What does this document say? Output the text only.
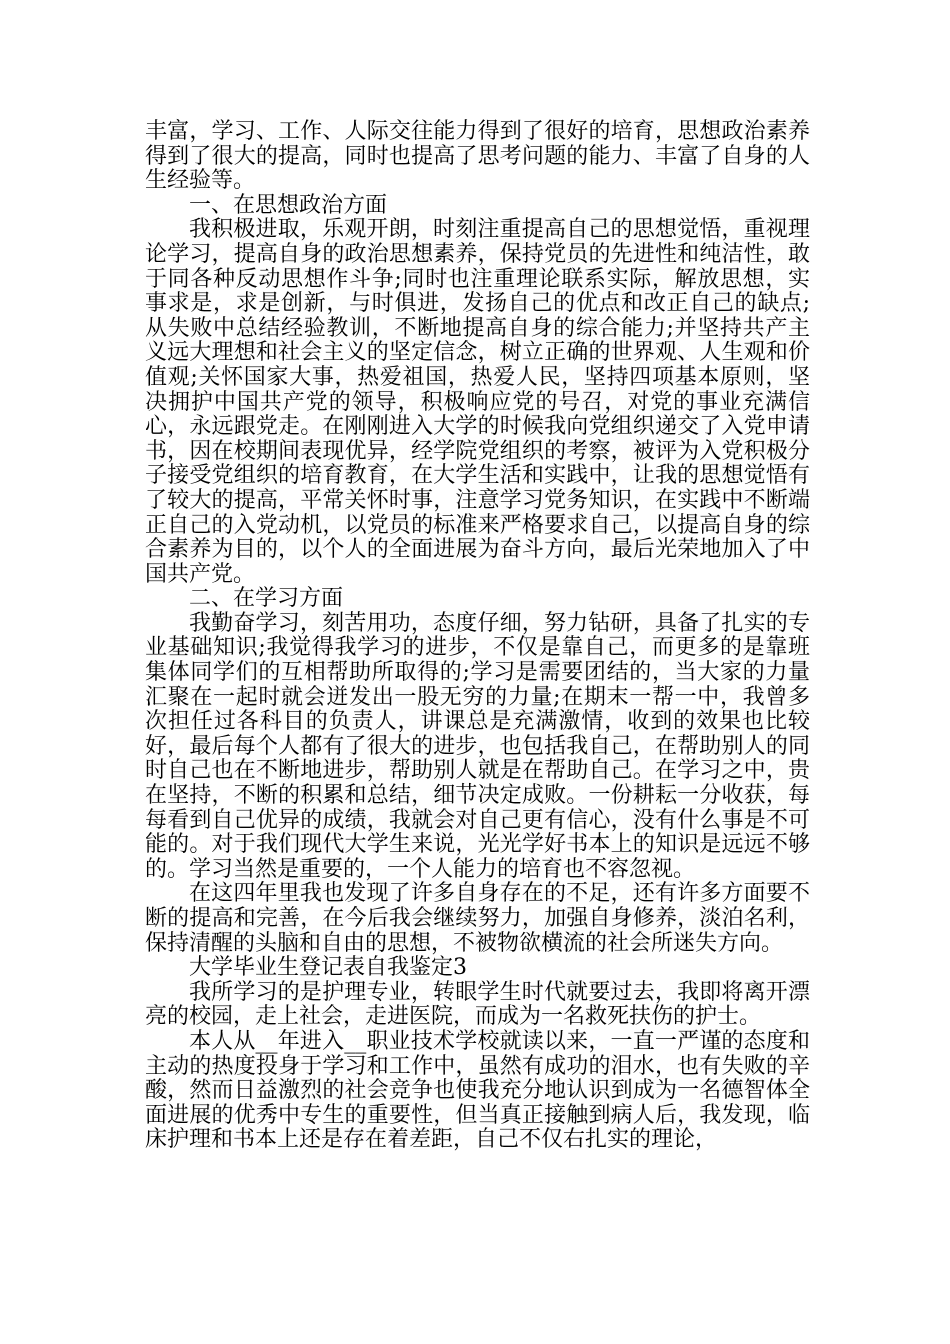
丰富，学习、工作、人际交往能力得到了很好的培育，思想政治素养得到了很大的提高，同时也提高了思考问题的能力、丰富了自身的人生经验等。

一、在思想政治方面

我积极进取，乐观开朗，时刻注重提高自己的思想觉悟，重视理论学习，提高自身的政治思想素养，保持党员的先进性和纯洁性，敢于同各种反动思想作斗争;同时也注重理论联系实际，解放思想，实事求是，求是创新，与时俱进，发扬自己的优点和改正自己的缺点;从失败中总结经验教训，不断地提高自身的综合能力;并坚持共产主义远大理想和社会主义的坚定信念，树立正确的世界观、人生观和价值观;关怀国家大事，热爱祖国，热爱人民，坚持四项基本原则，坚决拥护中国共产党的领导，积极响应党的号召，对党的事业充满信心，永远跟党走。在刚刚进入大学的时候我向党组织递交了入党申请书，因在校期间表现优异，经学院党组织的考察，被评为入党积极分子接受党组织的培育教育，在大学生活和实践中，让我的思想觉悟有了较大的提高，平常关怀时事，注意学习党务知识，在实践中不断端正自己的入党动机，以党员的标准来严格要求自己，以提高自身的综合素养为目的，以个人的全面进展为奋斗方向，最后光荣地加入了中国共产党。

二、在学习方面

我勤奋学习，刻苦用功，态度仔细，努力钻研，具备了扎实的专业基础知识;我觉得我学习的进步，不仅是靠自己，而更多的是靠班集体同学们的互相帮助所取得的;学习是需要团结的，当大家的力量汇聚在一起时就会迸发出一股无穷的力量;在期末一帮一中，我曾多次担任过各科目的负责人，讲课总是充满激情，收到的效果也比较好，最后每个人都有了很大的进步，也包括我自己，在帮助别人的同时自己也在不断地进步，帮助别人就是在帮助自己。在学习之中，贵在坚持，不断的积累和总结，细节决定成败。一份耕耘一分收获，每每看到自己优异的成绩，我就会对自己更有信心，没有什么事是不可能的。对于我们现代大学生来说，光光学好书本上的知识是远远不够的。学习当然是重要的，一个人能力的培育也不容忽视。

在这四年里我也发现了许多自身存在的不足，还有许多方面要不断的提高和完善，在今后我会继续努力，加强自身修养，淡泊名利，保持清醒的头脑和自由的思想，不被物欲横流的社会所迷失方向。

大学毕业生登记表自我鉴定3

我所学习的是护理专业，转眼学生时代就要过去，我即将离开漂亮的校园，走上社会，走进医院，而成为一名救死扶伤的护士。

本人从__年进入__职业技术学校就读以来，一直一严谨的态度和主动的热度投身于学习和工作中，虽然有成功的泪水，也有失败的辛酸，然而日益激烈的社会竞争也使我充分地认识到成为一名德智体全面进展的优秀中专生的重要性，但当真正接触到病人后，我发现，临床护理和书本上还是存在着差距，自己不仅右扎实的理论，
